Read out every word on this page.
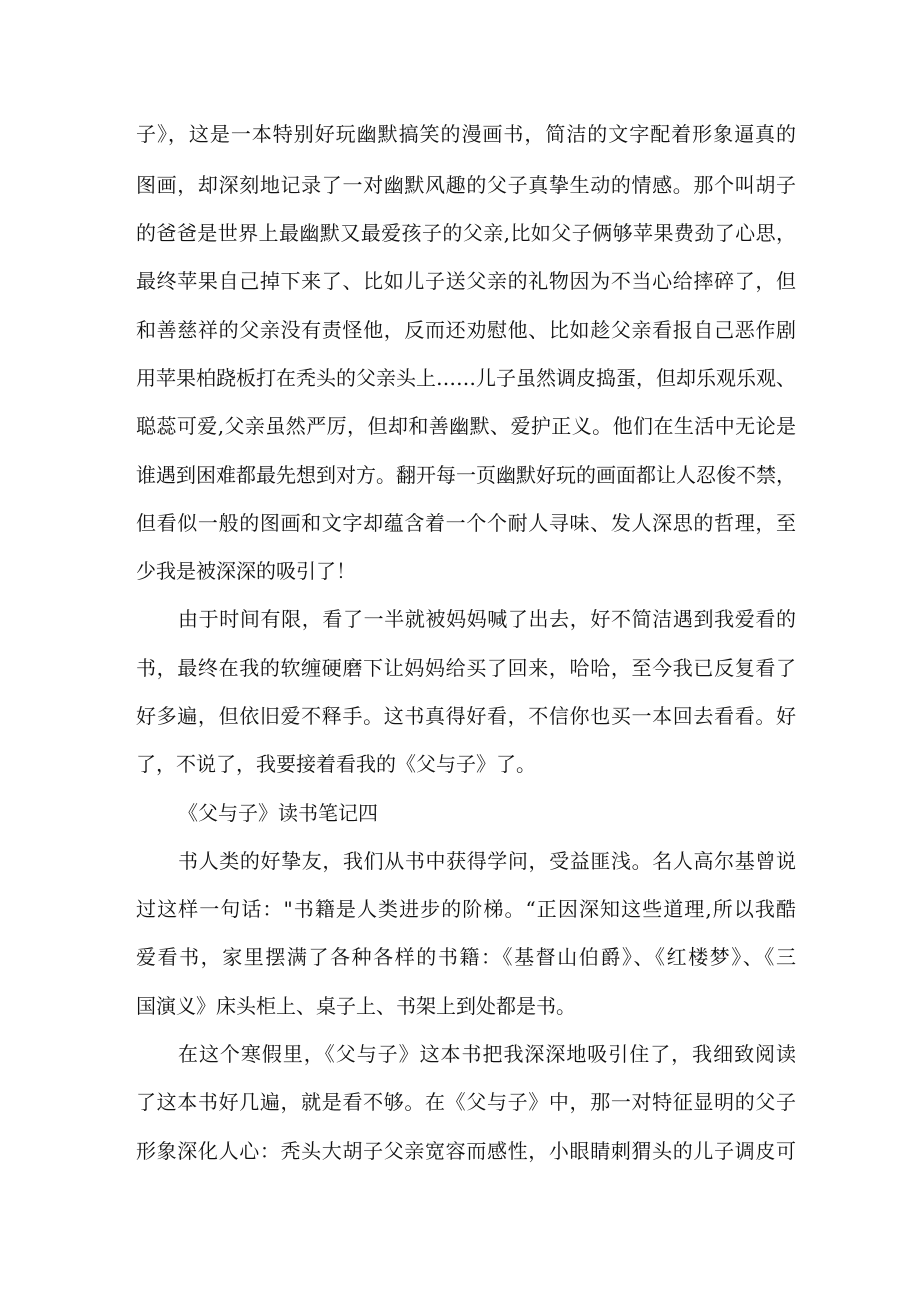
子》，这是一本特别好玩幽默搞笑的漫画书，简洁的文字配着形象逼真的
图画，却深刻地记录了一对幽默风趣的父子真挚生动的情感。那个叫胡子
的爸爸是世界上最幽默又最爱孩子的父亲,比如父子俩够苹果费劲了心思，
最终苹果自己掉下来了、比如儿子送父亲的礼物因为不当心给摔碎了，但
和善慈祥的父亲没有责怪他，反而还劝慰他、比如趁父亲看报自己恶作剧
用苹果柏跷板打在秃头的父亲头上……儿子虽然调皮捣蛋，但却乐观乐观、
聪蕊可爱,父亲虽然严厉，但却和善幽默、爱护正义。他们在生活中无论是
谁遇到困难都最先想到对方。翻开每一页幽默好玩的画面都让人忍俊不禁，
但看似一般的图画和文字却蕴含着一个个耐人寻味、发人深思的哲理，至
少我是被深深的吸引了！
由于时间有限，看了一半就被妈妈喊了出去，好不简洁遇到我爱看的
书，最终在我的软缠硬磨下让妈妈给买了回来，哈哈，至今我已反复看了
好多遍，但依旧爱不释手。这书真得好看，不信你也买一本回去看看。好
了，不说了，我要接着看我的《父与子》了。
《父与子》读书笔记四
书人类的好挚友，我们从书中获得学问，受益匪浅。名人高尔基曾说
过这样一句话："书籍是人类进步的阶梯。“正因深知这些道理,所以我酷
爱看书，家里摆满了各种各样的书籍：《基督山伯爵》、《红楼梦》、《三
国演义》床头柜上、桌子上、书架上到处都是书。
在这个寒假里，《父与子》这本书把我深深地吸引住了，我细致阅读
了这本书好几遍，就是看不够。在《父与子》中，那一对特征显明的父子
形象深化人心：秃头大胡子父亲宽容而感性，小眼睛刺猬头的儿子调皮可
